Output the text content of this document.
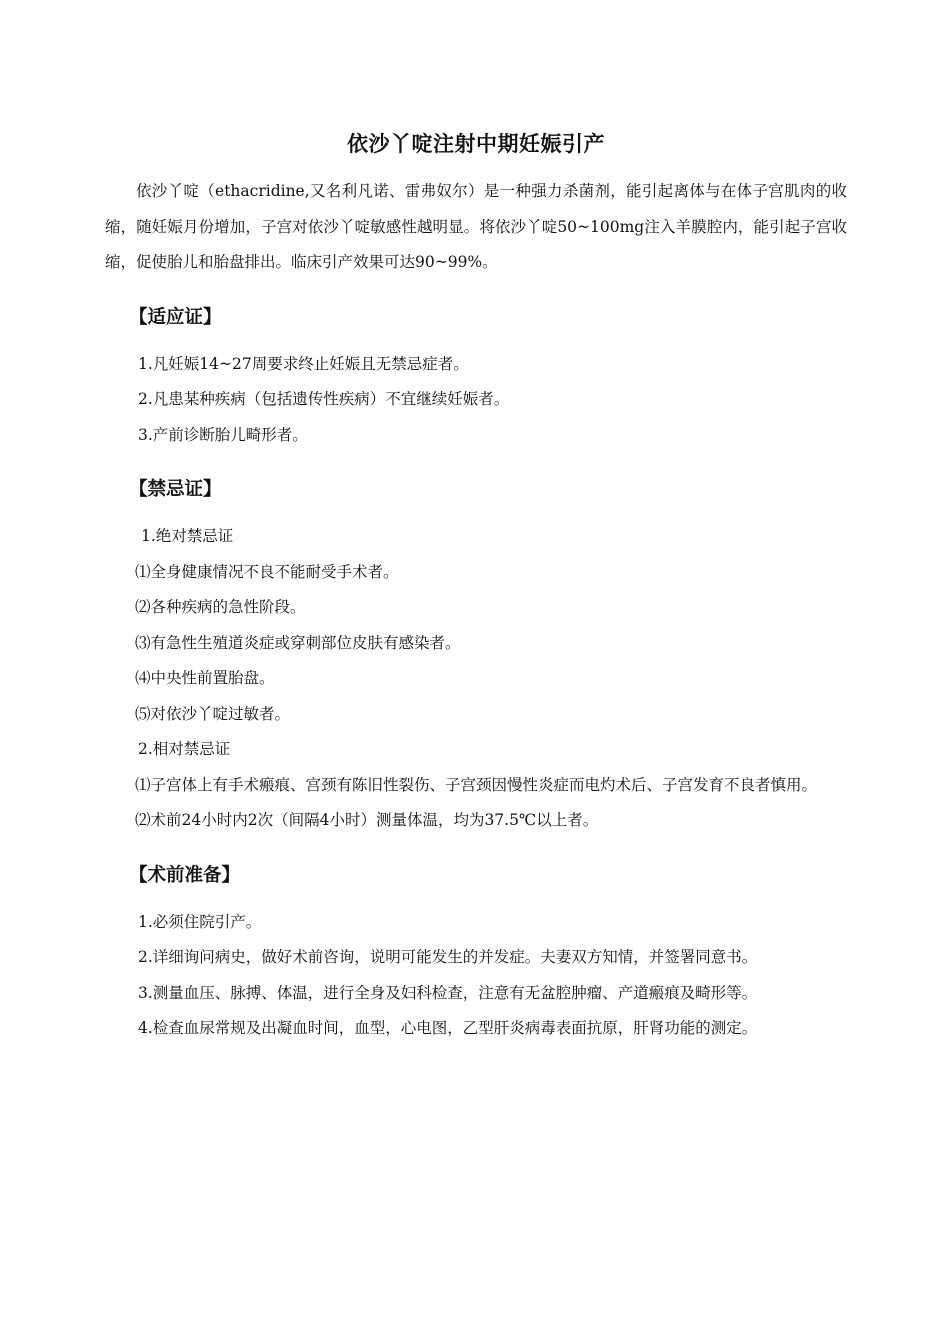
依沙丫啶注射中期妊娠引产

依沙丫啶（ethacridine,又名利凡诺、雷弗奴尔）是一种强力杀菌剂，能引起离体与在体子宫肌肉的收缩，随妊娠月份增加，子宫对依沙丫啶敏感性越明显。将依沙丫啶50~100mg注入羊膜腔内，能引起子宫收缩，促使胎儿和胎盘排出。临床引产效果可达90~99%。

【适应证】

1.凡妊娠14~27周要求终止妊娠且无禁忌症者。

2.凡患某种疾病（包括遗传性疾病）不宜继续妊娠者。

3.产前诊断胎儿畸形者。

【禁忌证】

1.绝对禁忌证

⑴全身健康情况不良不能耐受手术者。

⑵各种疾病的急性阶段。

⑶有急性生殖道炎症或穿刺部位皮肤有感染者。

⑷中央性前置胎盘。

⑸对依沙丫啶过敏者。

2.相对禁忌证

⑴子宫体上有手术瘢痕、宫颈有陈旧性裂伤、子宫颈因慢性炎症而电灼术后、子宫发育不良者慎用。

⑵术前24小时内2次（间隔4小时）测量体温，均为37.5℃以上者。

【术前准备】

1.必须住院引产。

2.详细询问病史，做好术前咨询，说明可能发生的并发症。夫妻双方知情，并签署同意书。

3.测量血压、脉搏、体温，进行全身及妇科检查，注意有无盆腔肿瘤、产道瘢痕及畸形等。

4.检查血尿常规及出凝血时间，血型，心电图，乙型肝炎病毒表面抗原，肝肾功能的测定。
